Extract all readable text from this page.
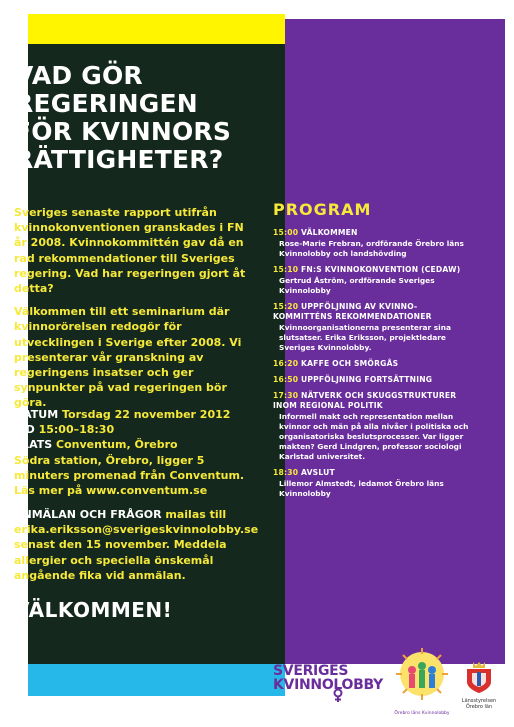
VAD GÖR
REGERINGEN
FÖR KVINNORS
RÄTTIGHETER?

Sveriges senaste rapport utifrån kvinnokonventionen granskades i FN år 2008. Kvinnokommittén gav då en rad rekommendationer till Sveriges regering. Vad har regeringen gjort åt detta?

Välkommen till ett seminarium där kvinnorörelsen redogör för utvecklingen i Sverige efter 2008. Vi presenterar vår granskning av regeringens insatser och ger synpunkter på vad regeringen bör göra.

DATUM Torsdag 22 november 2012

TID 15:00–18:30

PLATS Conventum, Örebro

Södra station, Örebro, ligger 5 minuters promenad från Conventum. Läs mer på www.conventum.se

ANMÄLAN OCH FRÅGOR mailas till erika.eriksson@sverigeskvinnolobby.se senast den 15 november. Meddela allergier och speciella önskemål angående fika vid anmälan.
VÄLKOMMEN!
PROGRAM
15:00 VÄLKOMMEN
Rose-Marie Frebran, ordförande Örebro läns Kvinnolobby och landshövding
15:10 FN:S KVINNOKONVENTION (CEDAW)
Gertrud Åström, ordförande Sveriges Kvinnolobby
15:20 UPPFÖLJNING AV KVINNO-KOMMITTÉNS REKOMMENDATIONER
Kvinnoorganisationerna presenterar sina slutsatser. Erika Eriksson, projektledare Sveriges Kvinnolobby.
16:20 KAFFE OCH SMÖRGÅS
16:50 UPPFÖLJNING FORTSÄTTNING
17:30 NÄTVERK OCH SKUGGSTRUKTURER INOM REGIONAL POLITIK
Informell makt och representation mellan kvinnor och män på alla nivåer i politiska och organisatoriska beslutsprocesser. Var ligger makten? Gerd Lindgren, professor sociologi Karlstad universitet.
18:30 AVSLUT
Lillemor Almstedt, ledamot Örebro läns Kvinnolobby
SVERIGES
KVINNOLOBBY
Örebro läns Kvinnolobby
Länsstyrelsen
Örebro län
